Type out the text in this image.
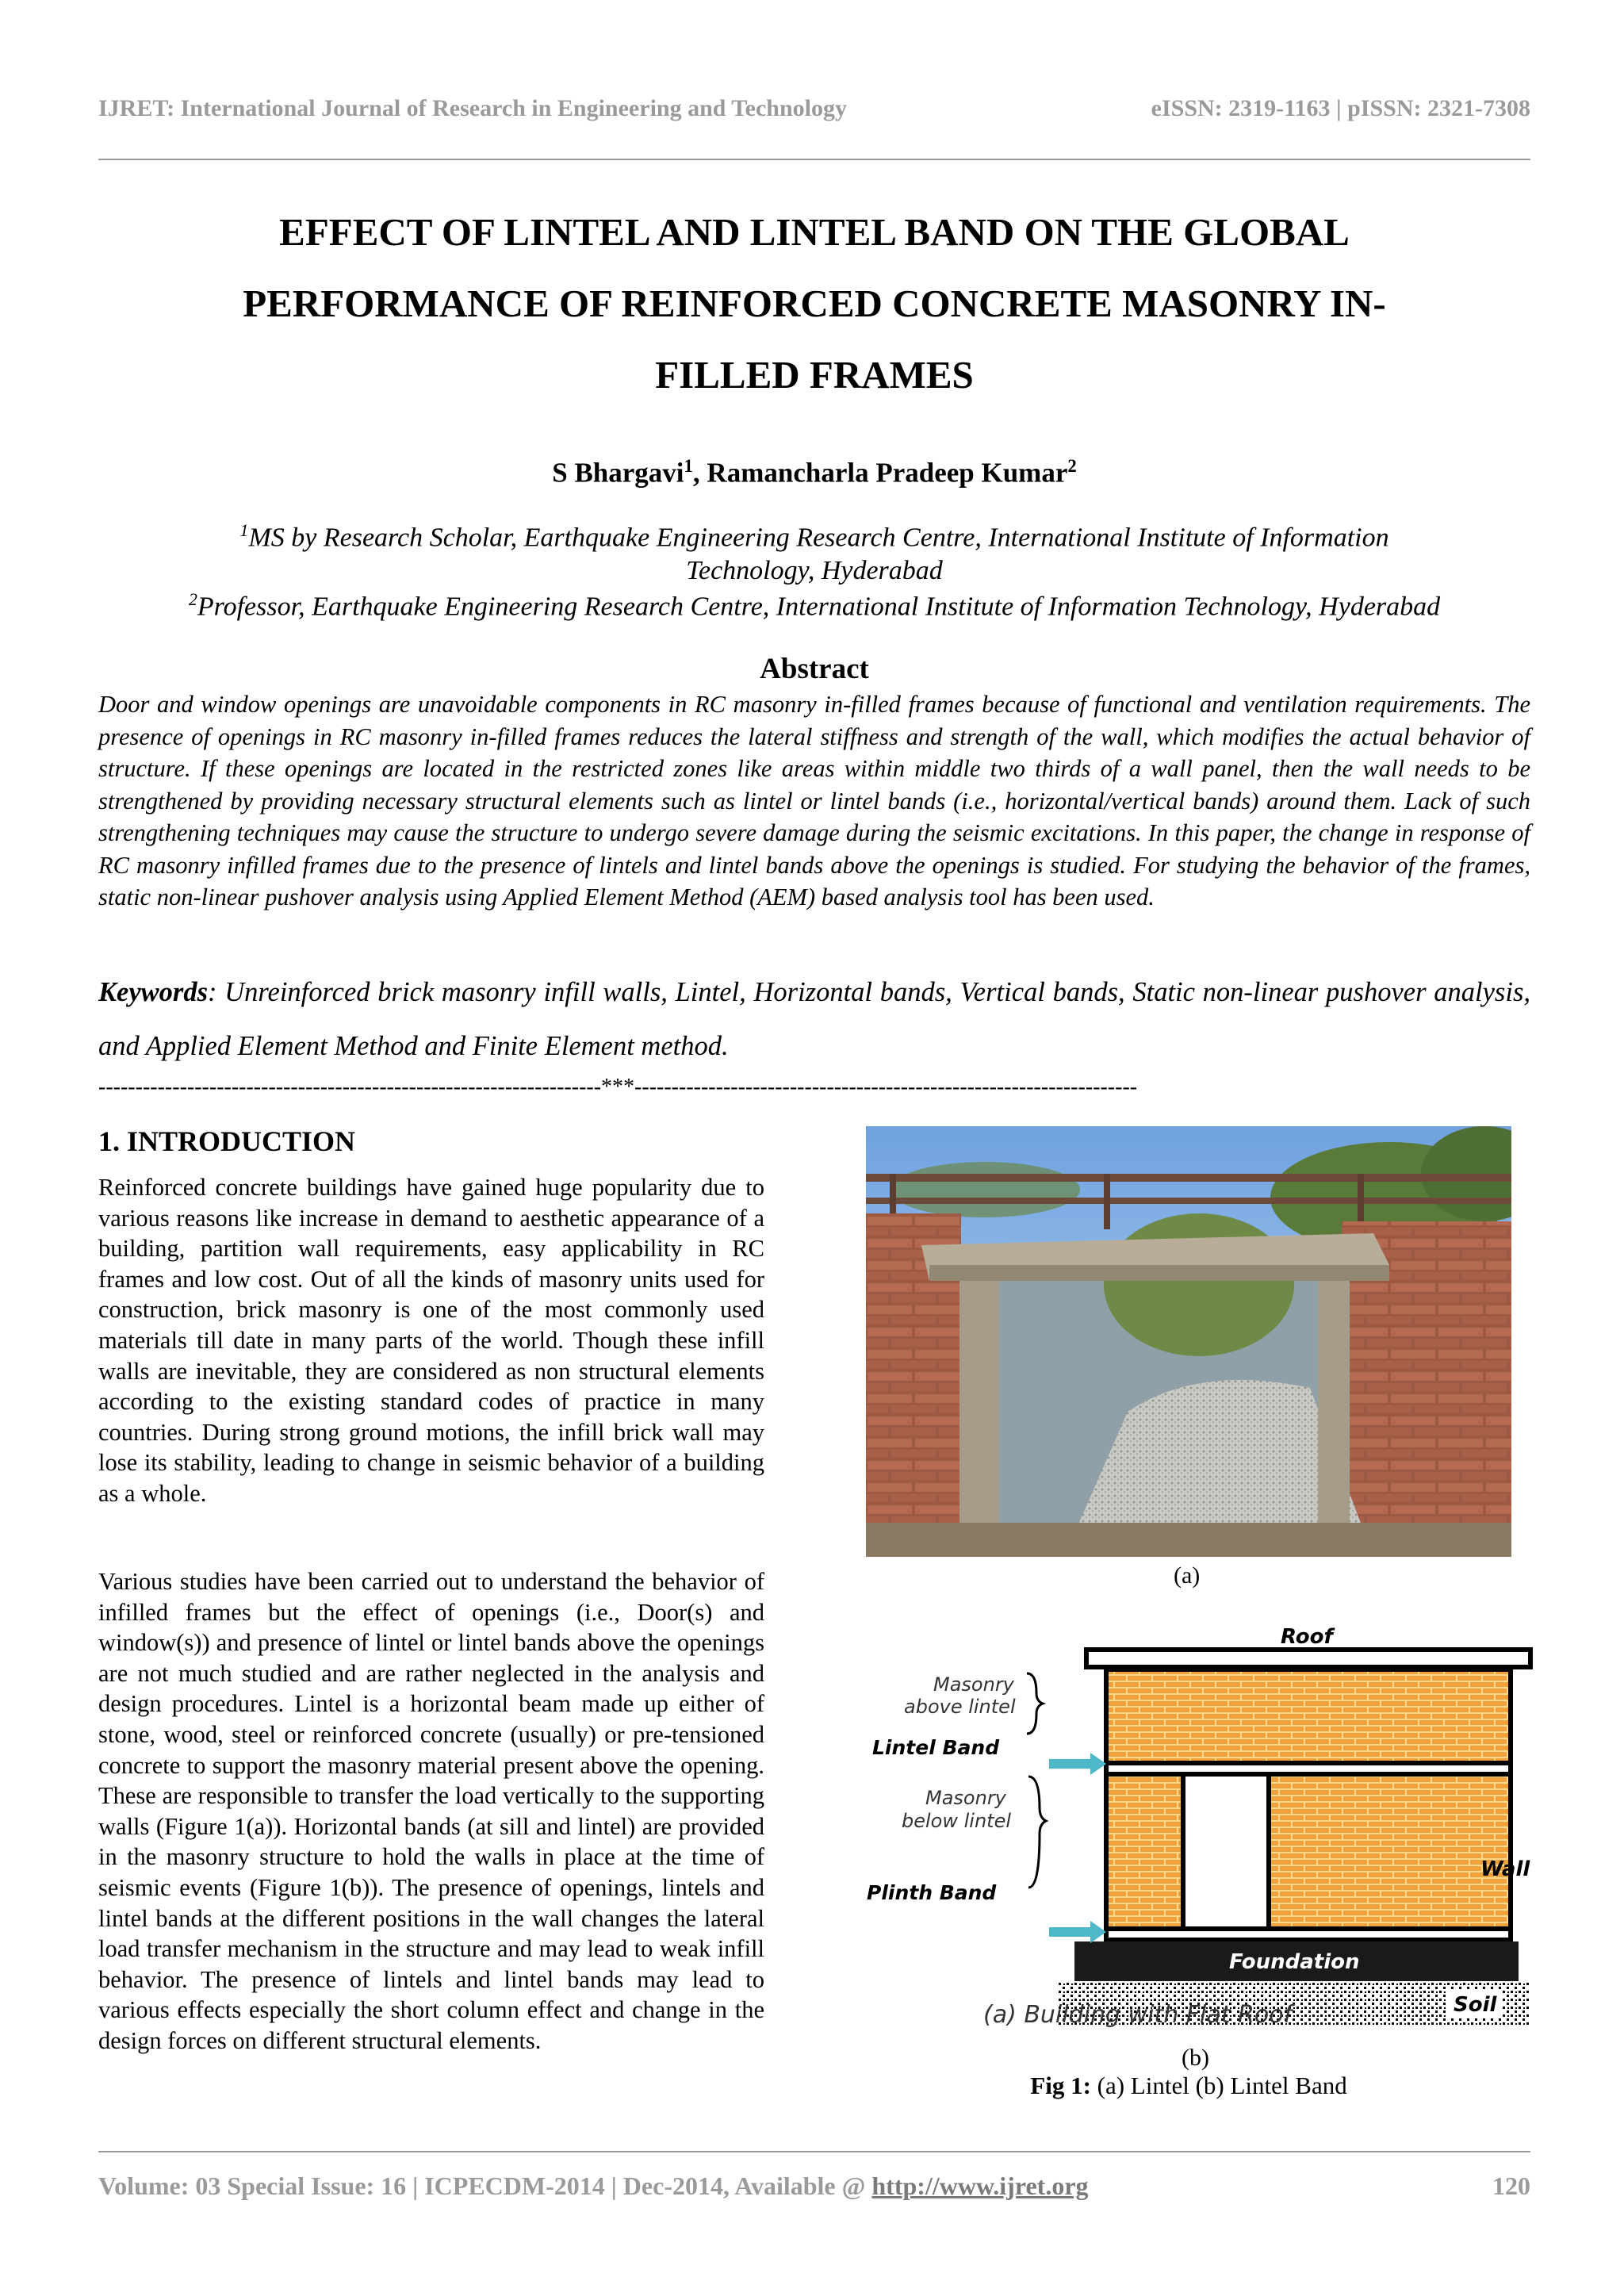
IJRET: International Journal of Research in Engineering and Technology	eISSN: 2319-1163 | pISSN: 2321-7308
EFFECT OF LINTEL AND LINTEL BAND ON THE GLOBAL
PERFORMANCE OF REINFORCED CONCRETE MASONRY IN-
FILLED FRAMES
S Bhargavi$^1$, Ramancharla Pradeep Kumar$^2$
$^1$MS by Research Scholar, Earthquake Engineering Research Centre, International Institute of Information
Technology, Hyderabad
$^2$Professor, Earthquake Engineering Research Centre, International Institute of Information Technology, Hyderabad
Abstract
Door and window openings are unavoidable components in RC masonry in-filled frames because of functional and ventilation requirements. The presence of openings in RC masonry in-filled frames reduces the lateral stiffness and strength of the wall, which modifies the actual behavior of structure. If these openings are located in the restricted zones like areas within middle two thirds of a wall panel, then the wall needs to be strengthened by providing necessary structural elements such as lintel or lintel bands (i.e., horizontal/vertical bands) around them. Lack of such strengthening techniques may cause the structure to undergo severe damage during the seismic excitations. In this paper, the change in response of RC masonry infilled frames due to the presence of lintels and lintel bands above the openings is studied. For studying the behavior of the frames, static non-linear pushover analysis using Applied Element Method (AEM) based analysis tool has been used.
Keywords: Unreinforced brick masonry infill walls, Lintel, Horizontal bands, Vertical bands, Static non-linear pushover analysis, and Applied Element Method and Finite Element method.
--------------------------------------------------------------------***--------------------------------------------------------------------
1. INTRODUCTION
Reinforced concrete buildings have gained huge popularity due to various reasons like increase in demand to aesthetic appearance of a building, partition wall requirements, easy applicability in RC frames and low cost. Out of all the kinds of masonry units used for construction, brick masonry is one of the most commonly used materials till date in many parts of the world. Though these infill walls are inevitable, they are considered as non structural elements according to the existing standard codes of practice in many countries. During strong ground motions, the infill brick wall may lose its stability, leading to change in seismic behavior of a building as a whole.
Various studies have been carried out to understand the behavior of infilled frames but the effect of openings (i.e., Door(s) and window(s)) and presence of lintel or lintel bands above the openings are not much studied and are rather neglected in the analysis and design procedures. Lintel is a horizontal beam made up either of stone, wood, steel or reinforced concrete (usually) or pre-tensioned concrete to support the masonry material present above the opening. These are responsible to transfer the load vertically to the supporting walls (Figure 1(a)). Horizontal bands (at sill and lintel) are provided in the masonry structure to hold the walls in place at the time of seismic events (Figure 1(b)). The presence of openings, lintels and lintel bands at the different positions in the wall changes the lateral load transfer mechanism in the structure and may lead to weak infill behavior. The presence of lintels and lintel bands may lead to various effects especially the short column effect and change in the design forces on different structural elements.
(a)
Roof
Foundation
Soil
Wall
Masonry
above lintel
Lintel Band
Masonry
below lintel
Plinth Band
(a) Building with Flat Roof
(b)
Fig 1: (a) Lintel (b) Lintel Band
Volume: 03 Special Issue: 16 | ICPECDM-2014 | Dec-2014, Available @ http://www.ijret.org	120
